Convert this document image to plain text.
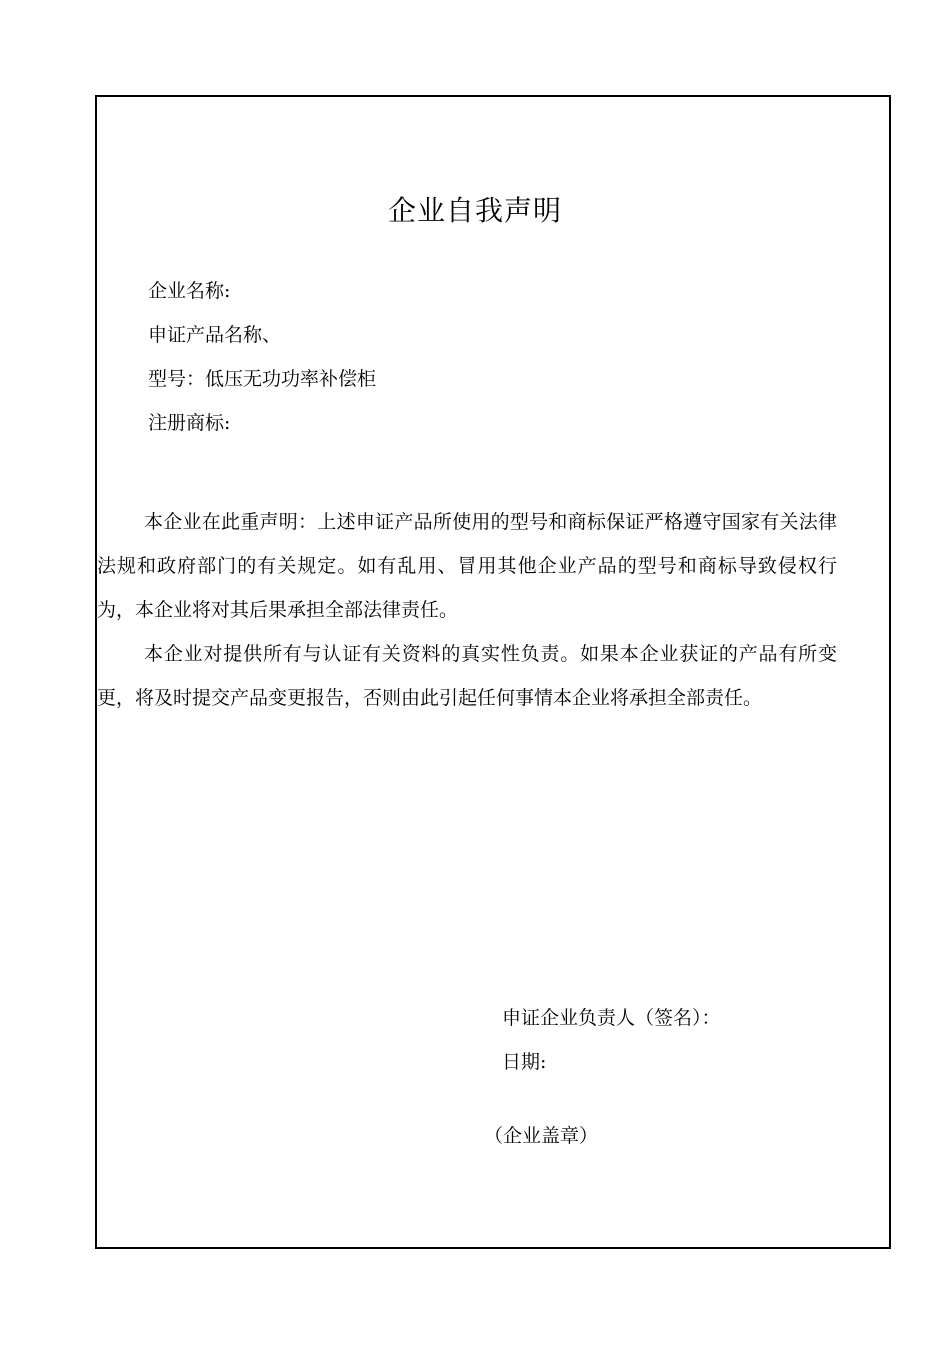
企业自我声明
企业名称:
申证产品名称、
型号：低压无功功率补偿柜
注册商标:

本企业在此重声明：上述申证产品所使用的型号和商标保证严格遵守国家有关法律法规和政府部门的有关规定。如有乱用、冒用其他企业产品的型号和商标导致侵权行为，本企业将对其后果承担全部法律责任。

本企业对提供所有与认证有关资料的真实性负责。如果本企业获证的产品有所变更，将及时提交产品变更报告，否则由此引起任何事情本企业将承担全部责任。

申证企业负责人（签名）：
日期:
（企业盖章）
